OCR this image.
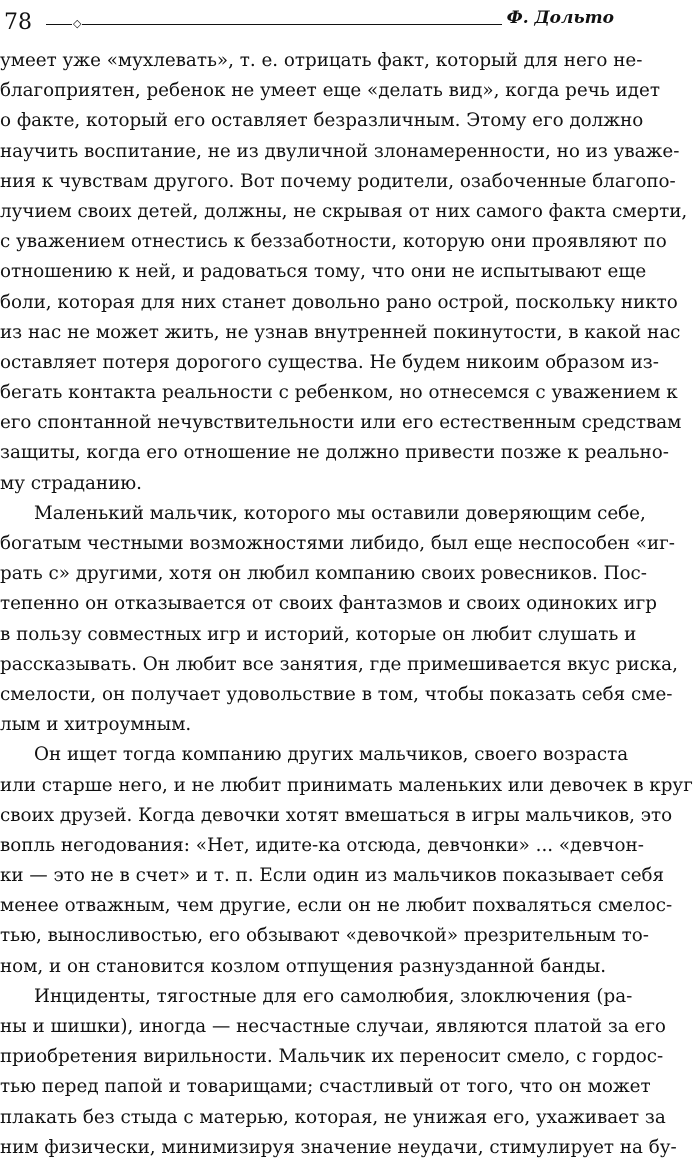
78	◇	Ф. Дольто
умеет уже «мухлевать», т. е. отрицать факт, который для него не-
благоприятен, ребенок не умеет еще «делать вид», когда речь идет
о факте, который его оставляет безразличным. Этому его должно
научить воспитание, не из двуличной злонамеренности, но из уваже-
ния к чувствам другого. Вот почему родители, озабоченные благопо-
лучием своих детей, должны, не скрывая от них самого факта смерти,
с уважением отнестись к беззаботности, которую они проявляют по
отношению к ней, и радоваться тому, что они не испытывают еще
боли, которая для них станет довольно рано острой, поскольку никто
из нас не может жить, не узнав внутренней покинутости, в какой нас
оставляет потеря дорогого существа. Не будем никоим образом из-
бегать контакта реальности с ребенком, но отнесемся с уважением к
его спонтанной нечувствительности или его естественным средствам
защиты, когда его отношение не должно привести позже к реально-
му страданию.
Маленький мальчик, которого мы оставили доверяющим себе,
богатым честными возможностями либидо, был еще неспособен «иг-
рать с» другими, хотя он любил компанию своих ровесников. Пос-
тепенно он отказывается от своих фантазмов и своих одиноких игр
в пользу совместных игр и историй, которые он любит слушать и
рассказывать. Он любит все занятия, где примешивается вкус риска,
смелости, он получает удовольствие в том, чтобы показать себя сме-
лым и хитроумным.
Он ищет тогда компанию других мальчиков, своего возраста
или старше него, и не любит принимать маленьких или девочек в круг
своих друзей. Когда девочки хотят вмешаться в игры мальчиков, это
вопль негодования: «Нет, идите-ка отсюда, девчонки» ... «девчон-
ки — это не в счет» и т. п. Если один из мальчиков показывает себя
менее отважным, чем другие, если он не любит похваляться смелос-
тью, выносливостью, его обзывают «девочкой» презрительным то-
ном, и он становится козлом отпущения разнузданной банды.
Инциденты, тягостные для его самолюбия, злоключения (ра-
ны и шишки), иногда — несчастные случаи, являются платой за его
приобретения вирильности. Мальчик их переносит смело, с гордос-
тью перед папой и товарищами; счастливый от того, что он может
плакать без стыда с матерью, которая, не унижая его, ухаживает за
ним физически, минимизируя значение неудачи, стимулирует на бу-
